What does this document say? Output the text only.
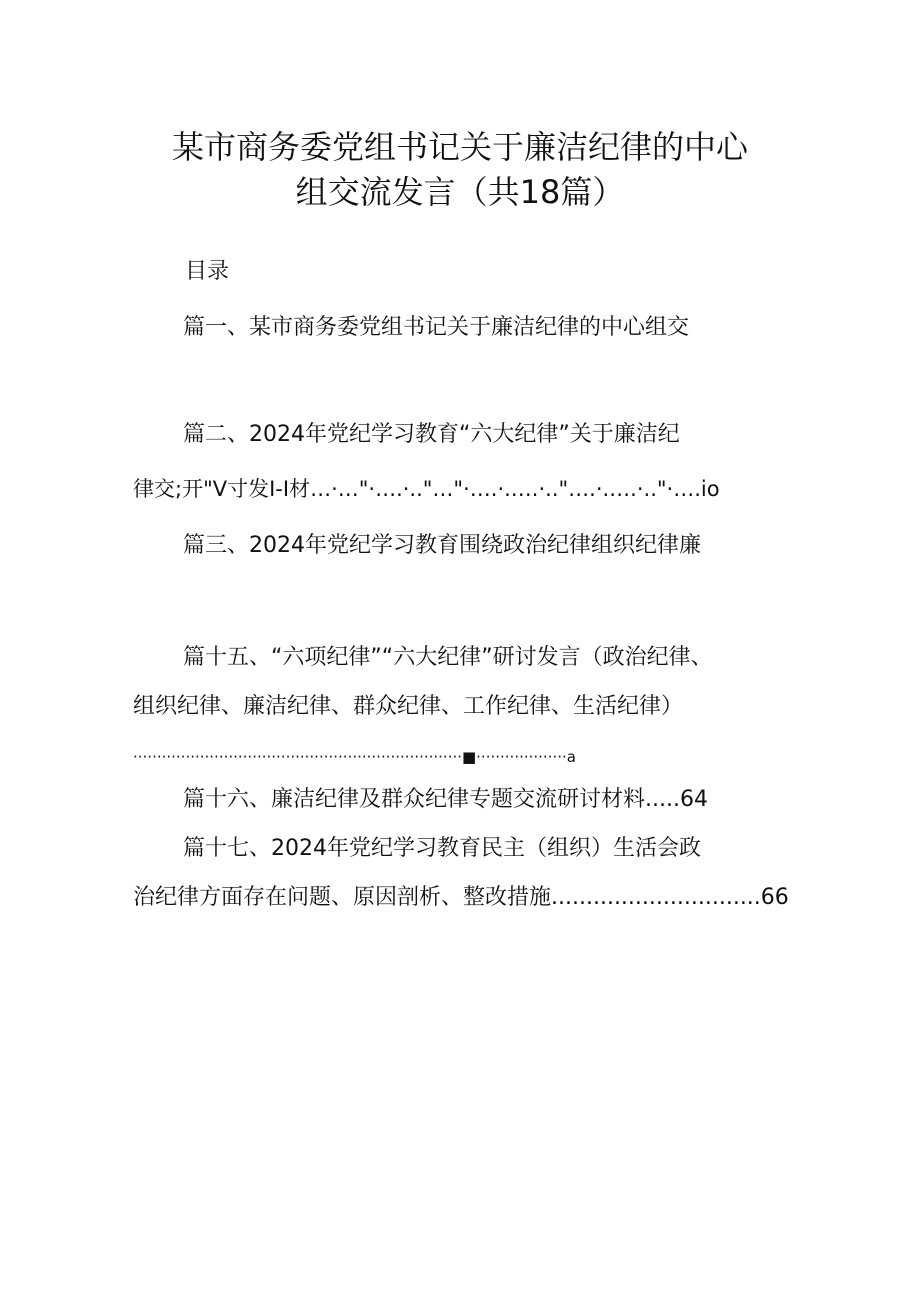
某市商务委党组书记关于廉洁纪律的中心
组交流发言（共18篇）
目录
篇一、某市商务委党组书记关于廉洁纪律的中心组交
篇二、2024年党纪学习教育“六大纪律”关于廉洁纪
律交;开"V寸发I-I材…·…"·….·.."…"·….·.….·.."….·.….·.."·….io
篇三、2024年党纪学习教育围绕政治纪律组织纪律廉
篇十五、“六项纪律”“六大纪律”研讨发言（政治纪律、
组织纪律、廉洁纪律、群众纪律、工作纪律、生活纪律）
·····································································■···················a
篇十六、廉洁纪律及群众纪律专题交流研讨材料.....64
篇十七、2024年党纪学习教育民主（组织）生活会政
治纪律方面存在问题、原因剖析、整改措施..............................66
